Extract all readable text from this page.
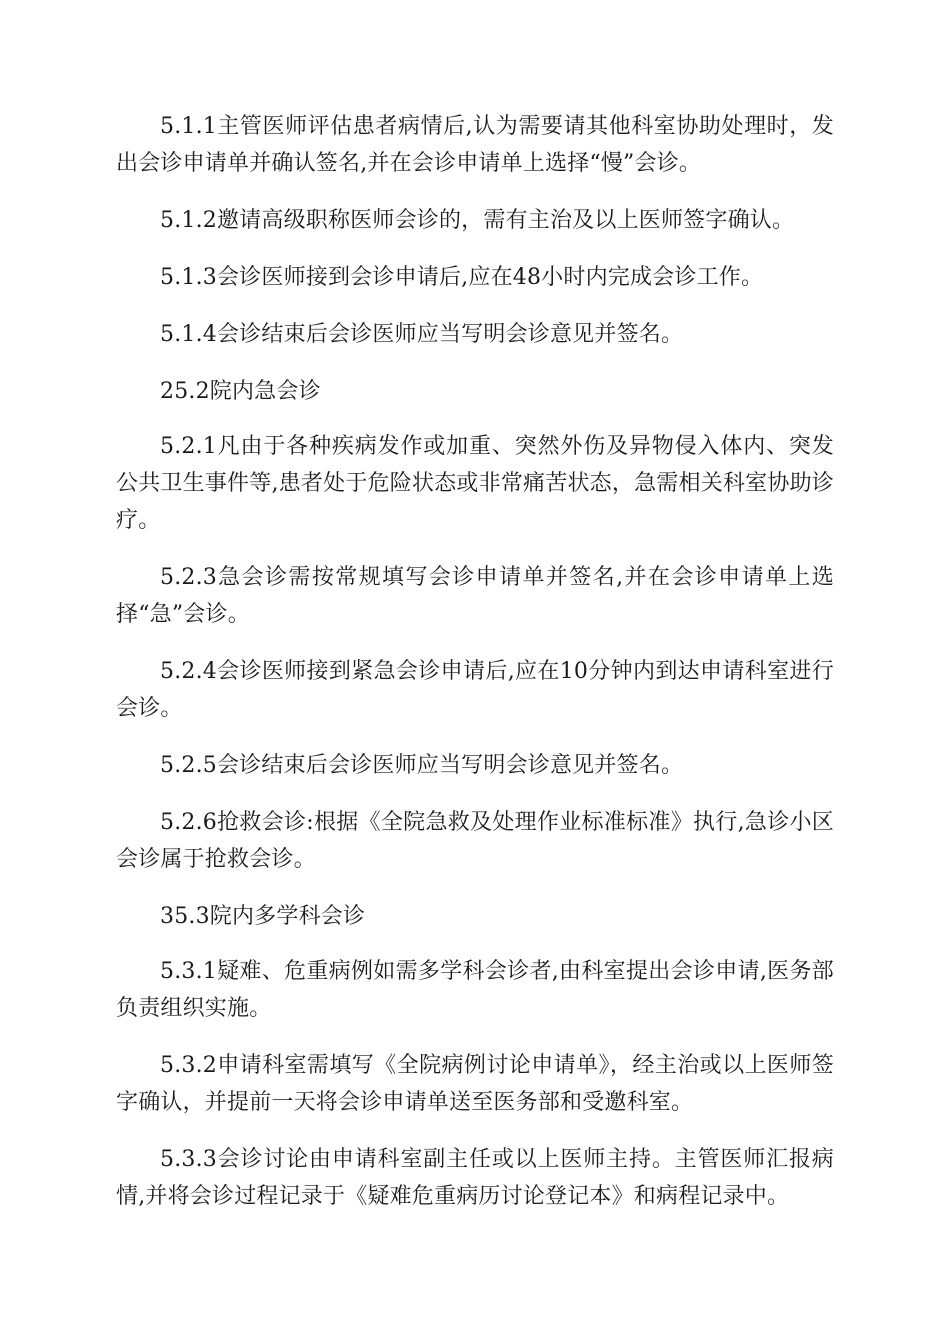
5.1.1主管医师评估患者病情后,认为需要请其他科室协助处理时，发出会诊申请单并确认签名,并在会诊申请单上选择“慢”会诊。

5.1.2邀请高级职称医师会诊的，需有主治及以上医师签字确认。

5.1.3会诊医师接到会诊申请后,应在48小时内完成会诊工作。

5.1.4会诊结束后会诊医师应当写明会诊意见并签名。

25.2院内急会诊

5.2.1凡由于各种疾病发作或加重、突然外伤及异物侵入体内、突发公共卫生事件等,患者处于危险状态或非常痛苦状态，急需相关科室协助诊疗。

5.2.3急会诊需按常规填写会诊申请单并签名,并在会诊申请单上选择“急”会诊。

5.2.4会诊医师接到紧急会诊申请后,应在10分钟内到达申请科室进行会诊。

5.2.5会诊结束后会诊医师应当写明会诊意见并签名。

5.2.6抢救会诊:根据《全院急救及处理作业标准标准》执行,急诊小区会诊属于抢救会诊。

35.3院内多学科会诊

5.3.1疑难、危重病例如需多学科会诊者,由科室提出会诊申请,医务部负责组织实施。

5.3.2申请科室需填写《全院病例讨论申请单》，经主治或以上医师签字确认，并提前一天将会诊申请单送至医务部和受邀科室。

5.3.3会诊讨论由申请科室副主任或以上医师主持。主管医师汇报病情,并将会诊过程记录于《疑难危重病历讨论登记本》和病程记录中。
